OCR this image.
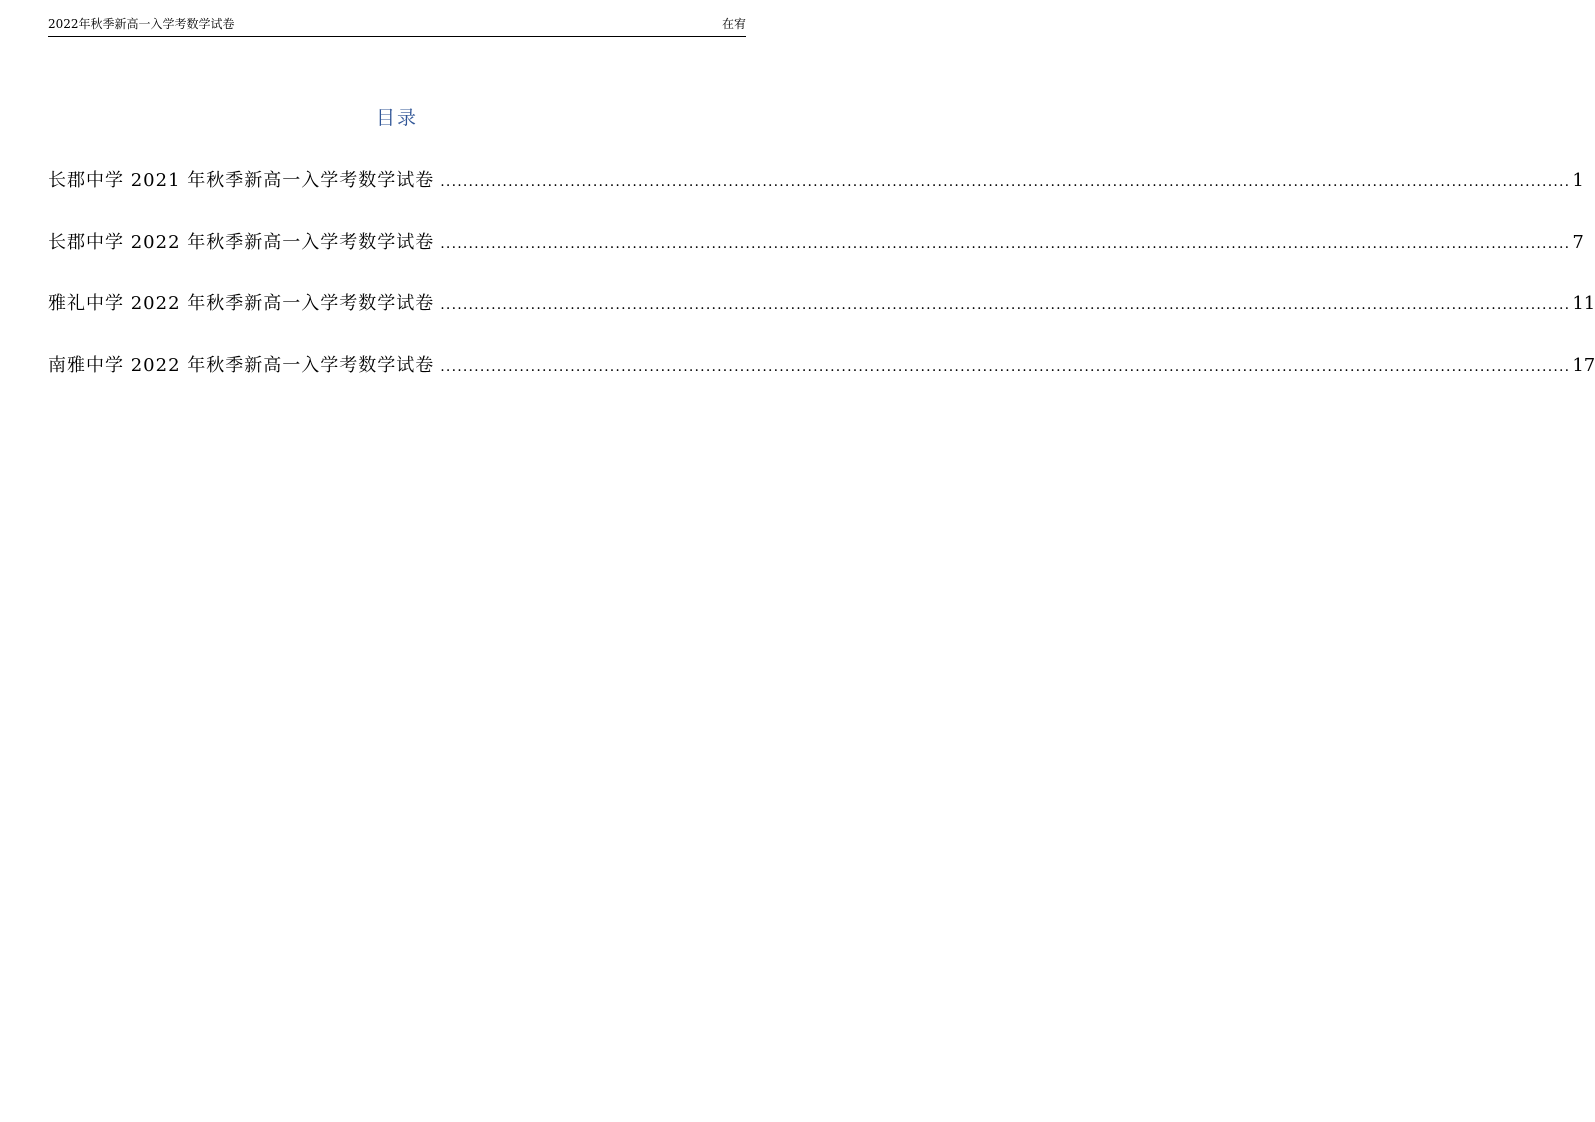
2022年秋季新高一入学考数学试卷	在宥
目录
长郡中学 2021 年秋季新高一入学考数学试卷 ........................................................................................................................................................................................................ 1
长郡中学 2022 年秋季新高一入学考数学试卷 ........................................................................................................................................................................................................ 7
雅礼中学 2022 年秋季新高一入学考数学试卷 ........................................................................................................................................................................................................ 11
南雅中学 2022 年秋季新高一入学考数学试卷 ........................................................................................................................................................................................................ 17
